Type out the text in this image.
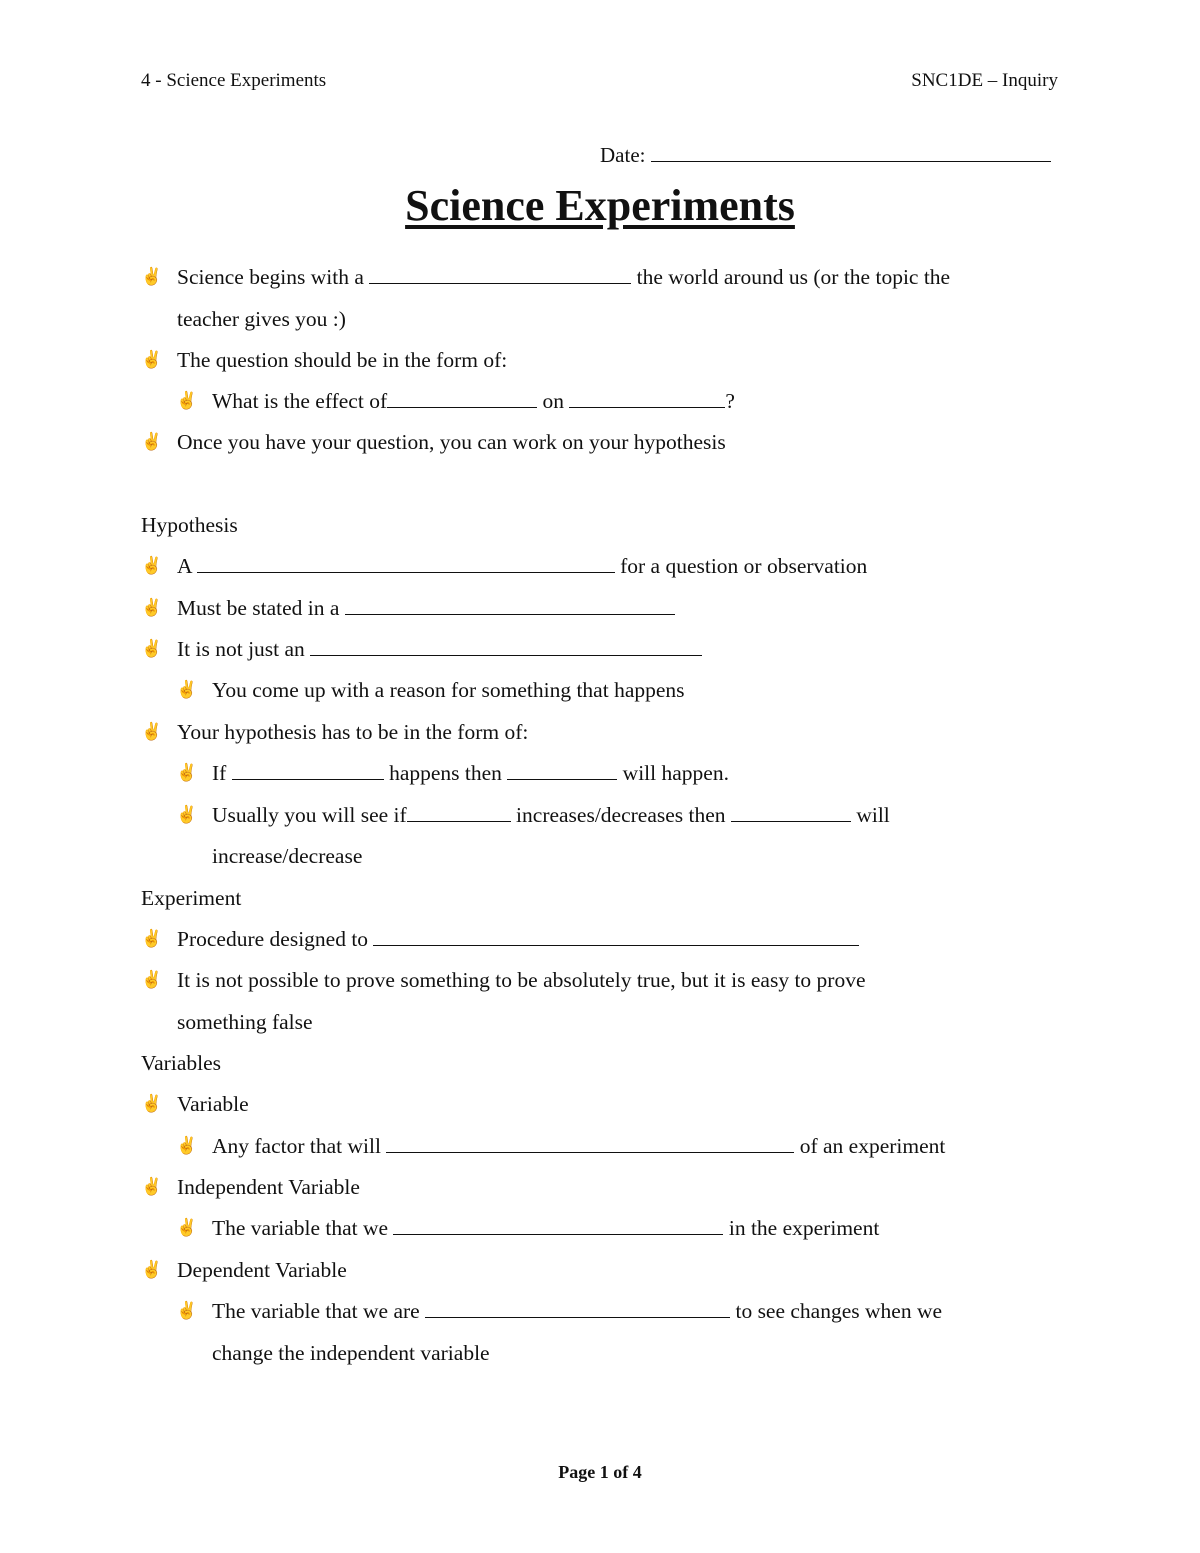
4 - Science Experiments	SNC1DE – Inquiry
Date:
Science Experiments
✌ Science begins with a	the world around us (or the topic the
teacher gives you :)
✌ The question should be in the form of:
✌ What is the effect of	on	?
✌ Once you have your question, you can work on your hypothesis
Hypothesis
✌ A	for a question or observation
✌ Must be stated in a
✌ It is not just an
✌ You come up with a reason for something that happens
✌ Your hypothesis has to be in the form of:
✌ If	happens then	will happen.
✌ Usually you will see if	increases/decreases then	will
increase/decrease
Experiment
✌ Procedure designed to
✌ It is not possible to prove something to be absolutely true, but it is easy to prove
something false
Variables
✌ Variable
✌ Any factor that will	of an experiment
✌ Independent Variable
✌ The variable that we	in the experiment
✌ Dependent Variable
✌ The variable that we are	to see changes when we
change the independent variable
Page 1 of 4
